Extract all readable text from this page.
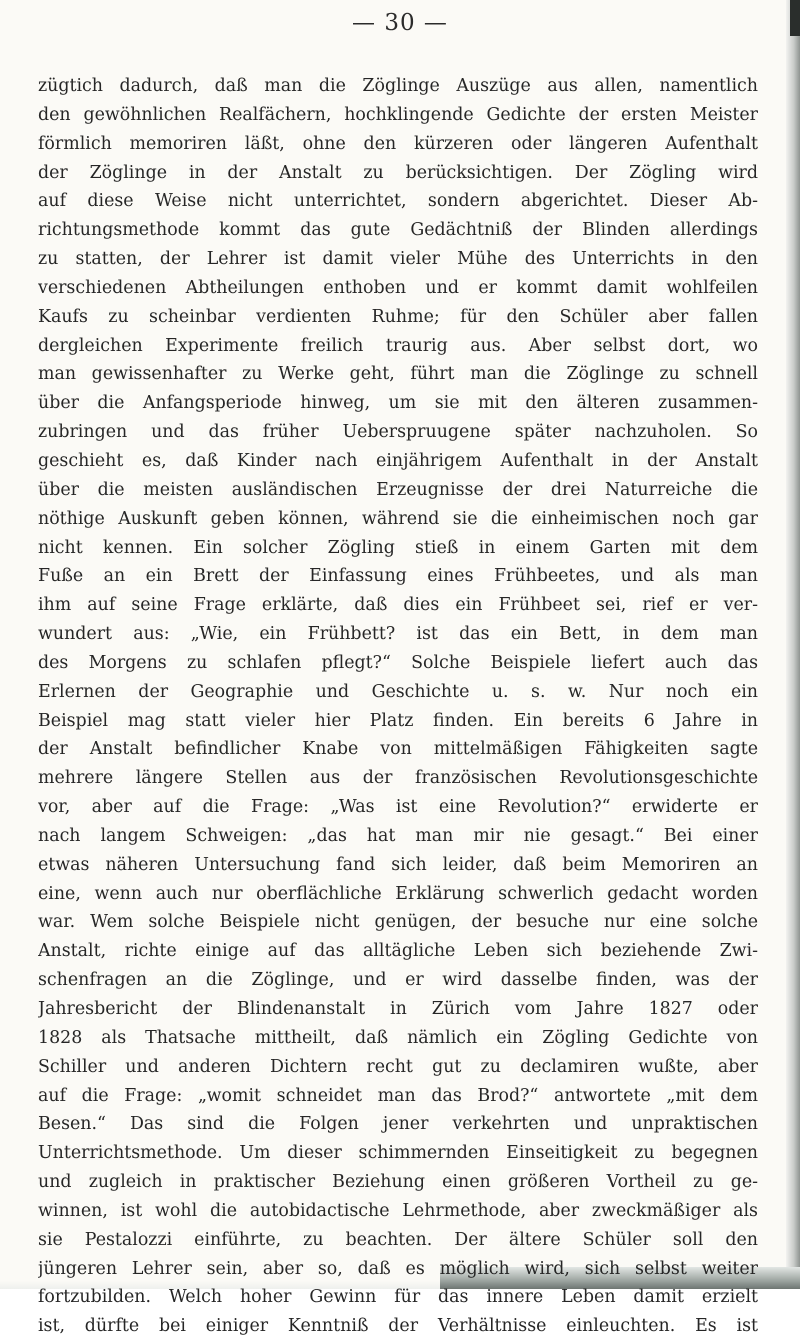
— 30 —
zügtich dadurch, daß man die Zöglinge Auszüge aus allen, namentlich
den gewöhnlichen Realfächern, hochklingende Gedichte der ersten Meister
förmlich memoriren läßt, ohne den kürzeren oder längeren Aufenthalt
der Zöglinge in der Anstalt zu berücksichtigen. Der Zögling wird
auf diese Weise nicht unterrichtet, sondern abgerichtet. Dieser Ab-
richtungsmethode kommt das gute Gedächtniß der Blinden allerdings
zu statten, der Lehrer ist damit vieler Mühe des Unterrichts in den
verschiedenen Abtheilungen enthoben und er kommt damit wohlfeilen
Kaufs zu scheinbar verdienten Ruhme; für den Schüler aber fallen
dergleichen Experimente freilich traurig aus. Aber selbst dort, wo
man gewissenhafter zu Werke geht, führt man die Zöglinge zu schnell
über die Anfangsperiode hinweg, um sie mit den älteren zusammen-
zubringen und das früher Ueberspruugene später nachzuholen. So
geschieht es, daß Kinder nach einjährigem Aufenthalt in der Anstalt
über die meisten ausländischen Erzeugnisse der drei Naturreiche die
nöthige Auskunft geben können, während sie die einheimischen noch gar
nicht kennen. Ein solcher Zögling stieß in einem Garten mit dem
Fuße an ein Brett der Einfassung eines Frühbeetes, und als man
ihm auf seine Frage erklärte, daß dies ein Frühbeet sei, rief er ver-
wundert aus: „Wie, ein Frühbett? ist das ein Bett, in dem man
des Morgens zu schlafen pflegt?“ Solche Beispiele liefert auch das
Erlernen der Geographie und Geschichte u. s. w. Nur noch ein
Beispiel mag statt vieler hier Platz finden. Ein bereits 6 Jahre in
der Anstalt befindlicher Knabe von mittelmäßigen Fähigkeiten sagte
mehrere längere Stellen aus der französischen Revolutionsgeschichte
vor, aber auf die Frage: „Was ist eine Revolution?“ erwiderte er
nach langem Schweigen: „das hat man mir nie gesagt.“ Bei einer
etwas näheren Untersuchung fand sich leider, daß beim Memoriren an
eine, wenn auch nur oberflächliche Erklärung schwerlich gedacht worden
war. Wem solche Beispiele nicht genügen, der besuche nur eine solche
Anstalt, richte einige auf das alltägliche Leben sich beziehende Zwi-
schenfragen an die Zöglinge, und er wird dasselbe finden, was der
Jahresbericht der Blindenanstalt in Zürich vom Jahre 1827 oder
1828 als Thatsache mittheilt, daß nämlich ein Zögling Gedichte von
Schiller und anderen Dichtern recht gut zu declamiren wußte, aber
auf die Frage: „womit schneidet man das Brod?“ antwortete „mit dem
Besen.“ Das sind die Folgen jener verkehrten und unpraktischen
Unterrichtsmethode. Um dieser schimmernden Einseitigkeit zu begegnen
und zugleich in praktischer Beziehung einen größeren Vortheil zu ge-
winnen, ist wohl die autobidactische Lehrmethode, aber zweckmäßiger als
sie Pestalozzi einführte, zu beachten. Der ältere Schüler soll den
jüngeren Lehrer sein, aber so, daß es möglich wird, sich selbst weiter
fortzubilden. Welch hoher Gewinn für das innere Leben damit erzielt
ist, dürfte bei einiger Kenntniß der Verhältnisse einleuchten. Es ist
